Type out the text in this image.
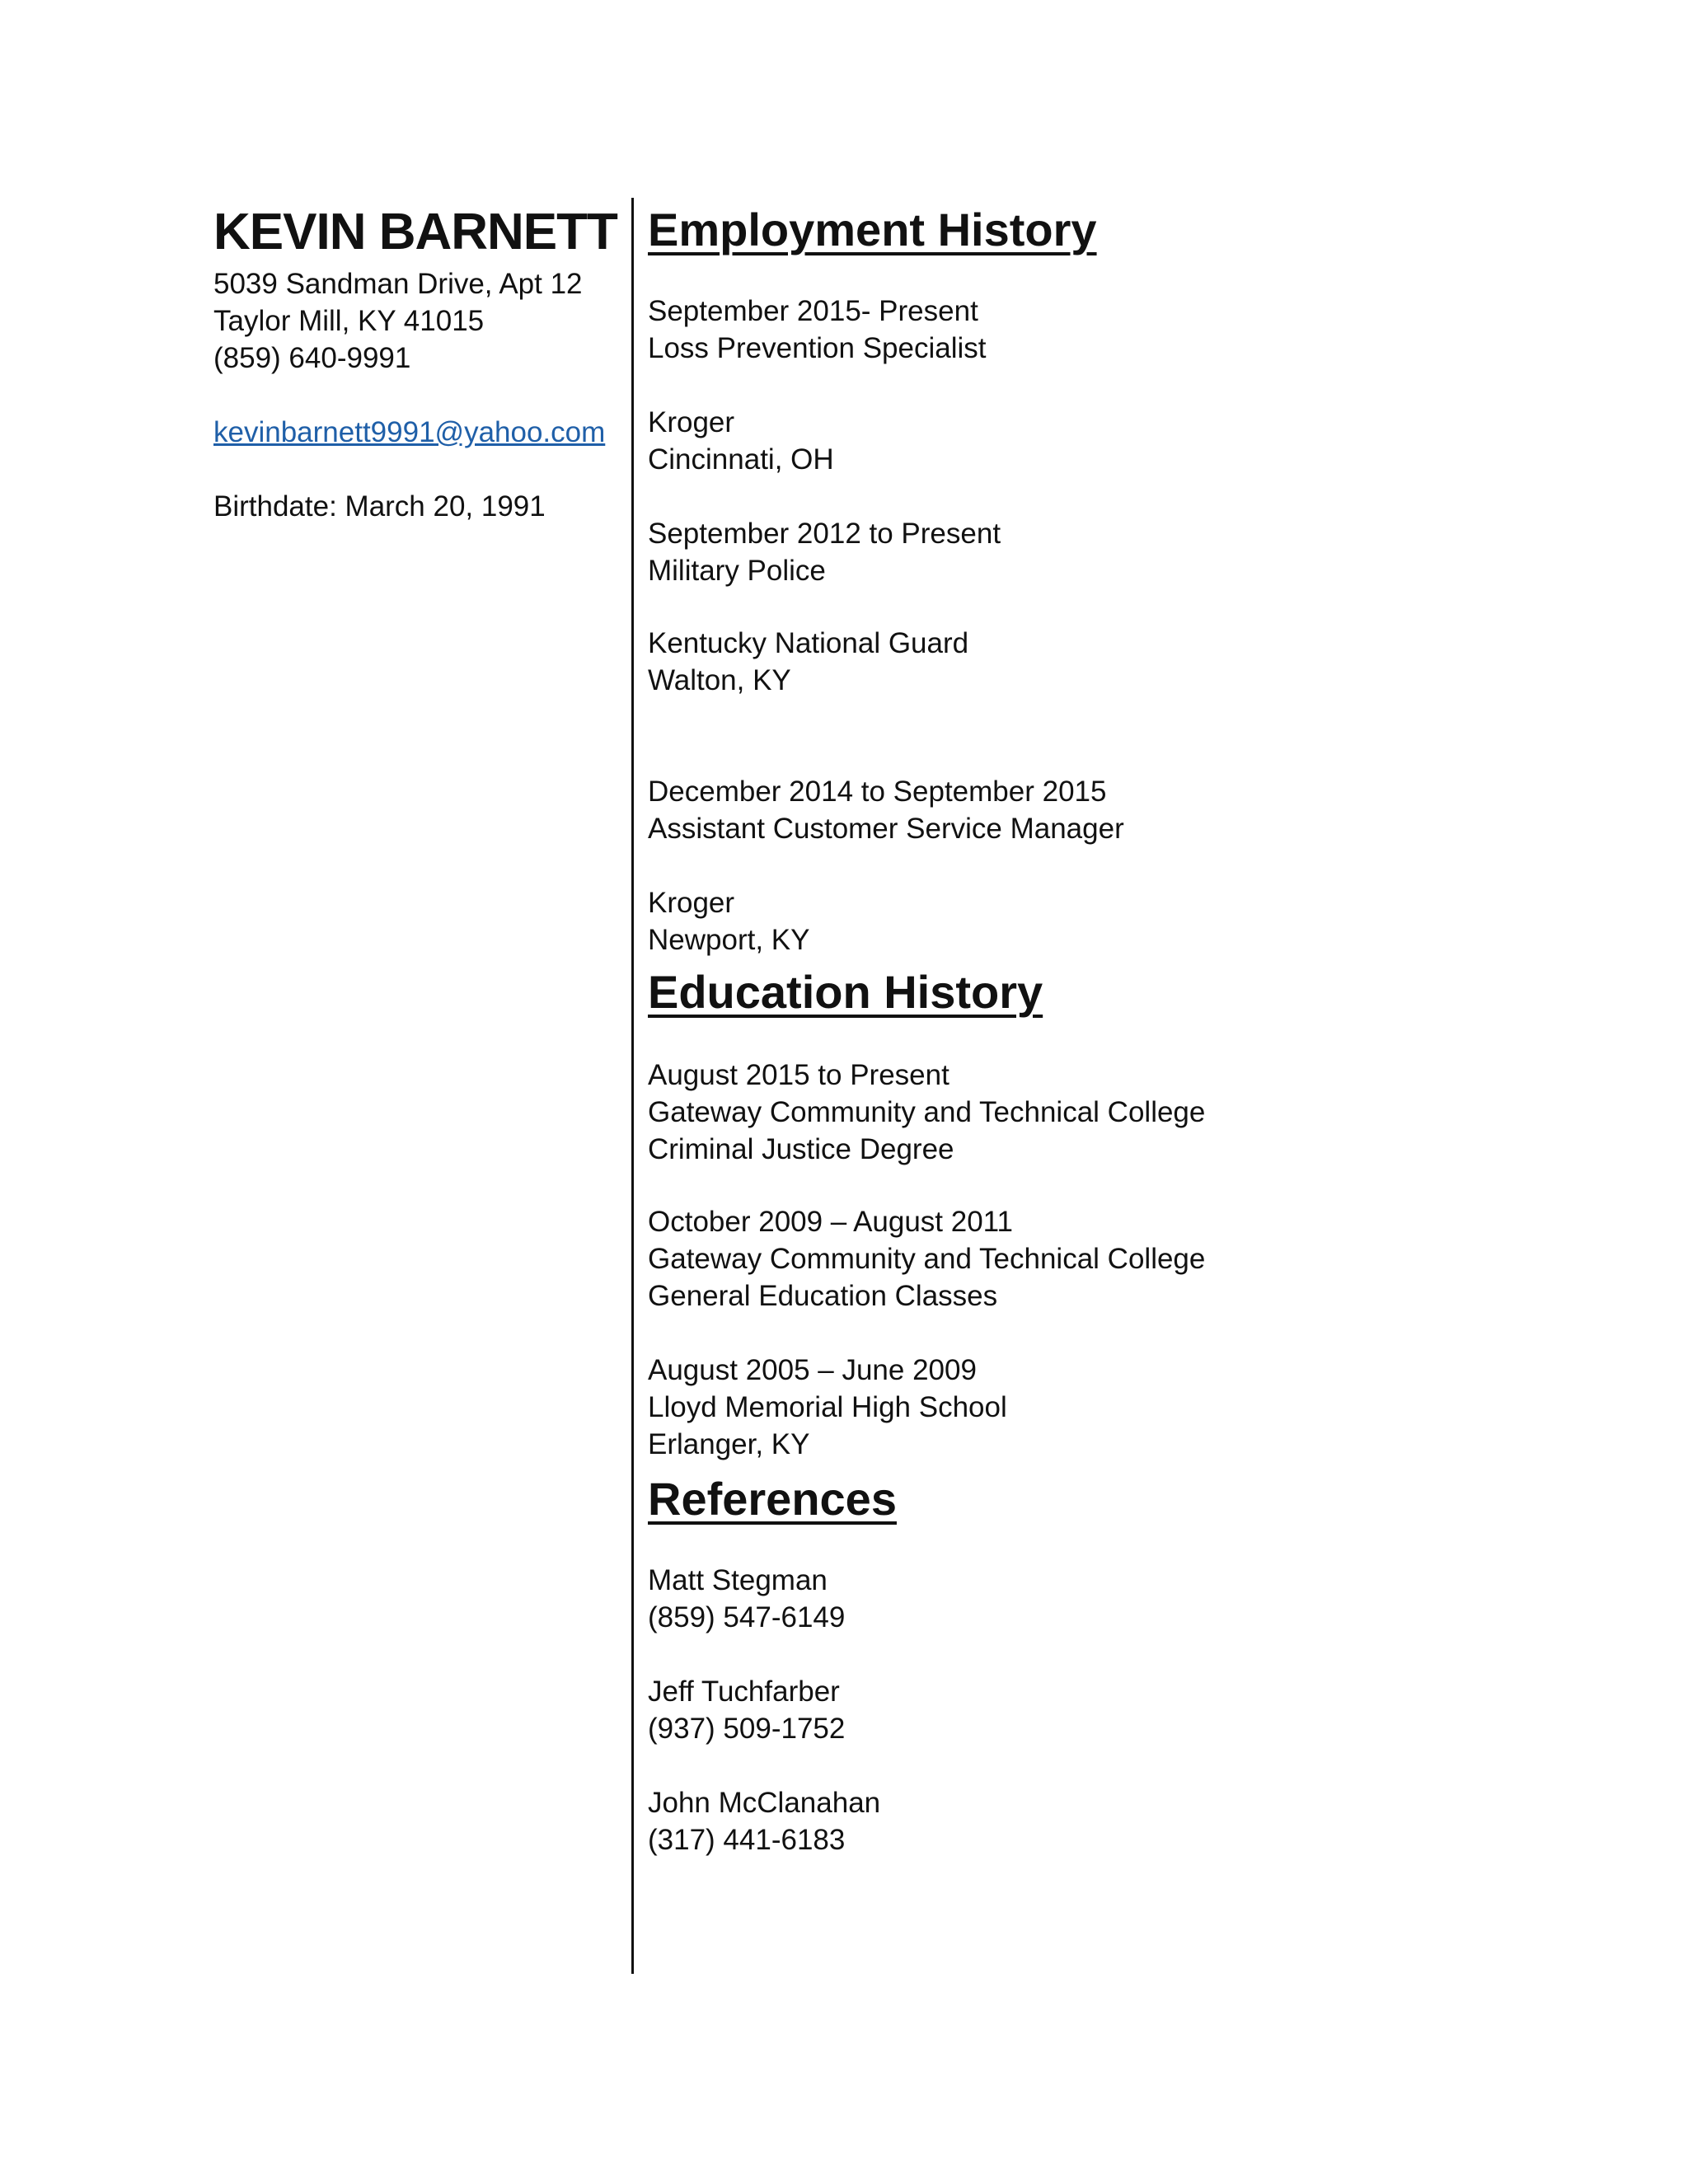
KEVIN BARNETT
5039 Sandman Drive, Apt 12
Taylor Mill, KY 41015
(859) 640-9991
kevinbarnett9991@yahoo.com
Birthdate: March 20, 1991
Employment History
September 2015- Present
Loss Prevention Specialist
Kroger
Cincinnati, OH
September 2012 to Present
Military Police
Kentucky National Guard
Walton, KY
December 2014 to September 2015
Assistant Customer Service Manager
Kroger
Newport, KY
Education History
August 2015 to Present
Gateway Community and Technical College
Criminal Justice Degree
October 2009 – August 2011
Gateway Community and Technical College
General Education Classes
August 2005 – June 2009
Lloyd Memorial High School
Erlanger, KY
References
Matt Stegman
(859) 547-6149
Jeff Tuchfarber
(937) 509-1752
John McClanahan
(317) 441-6183
